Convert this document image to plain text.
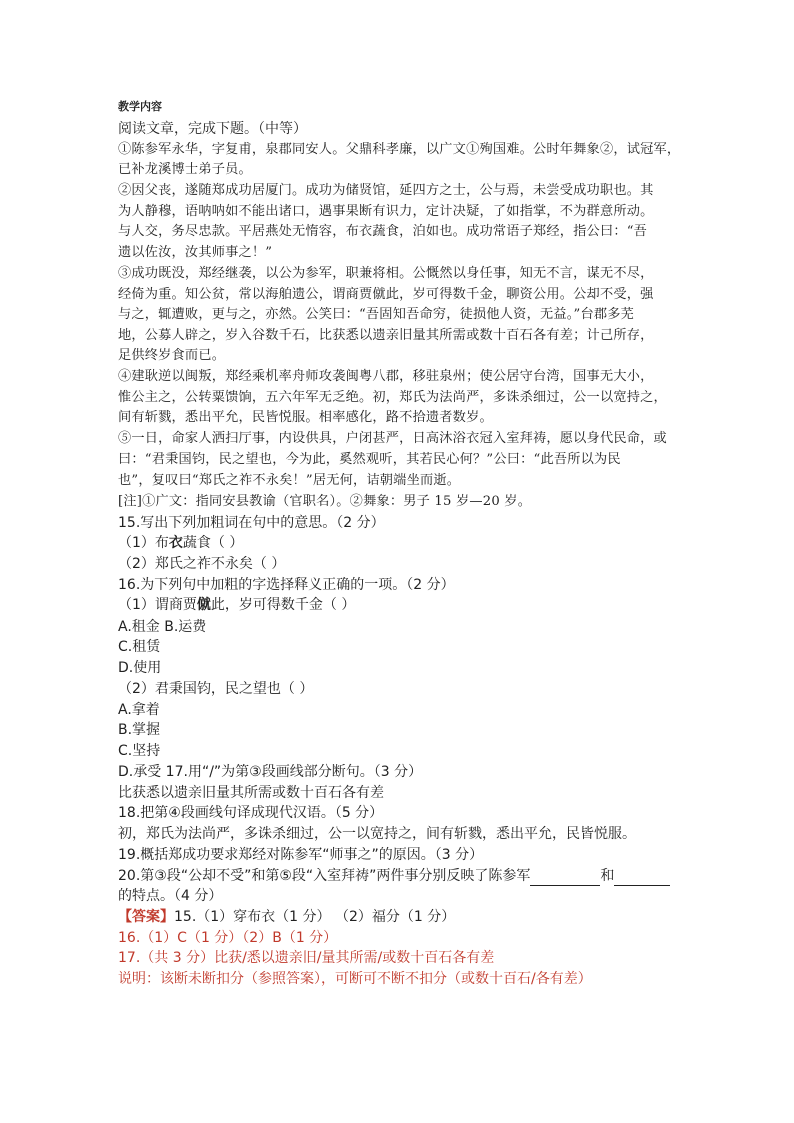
教学内容
阅读文章，完成下题。（中等）
①陈参军永华，字复甫，泉郡同安人。父鼎科孝廉，以广文①殉国难。公时年舞象②，试冠军，
已补龙溪博士弟子员。
②因父丧，遂随郑成功居厦门。成功为储贤馆，延四方之士，公与焉，未尝受成功职也。其
为人静穆，语呐呐如不能出诸口，遇事果断有识力，定计决疑，了如指掌，不为群意所动。
与人交，务尽忠款。平居燕处无惰容，布衣蔬食，泊如也。成功常语子郑经，指公曰：“吾
遗以佐汝，汝其师事之！”
③成功既没，郑经继袭，以公为参军，职兼将相。公慨然以身任事，知无不言，谋无不尽，
经倚为重。知公贫，常以海舶遗公，谓商贾僦此，岁可得数千金，聊资公用。公却不受，强
与之，辄遭败，更与之，亦然。公笑曰：“吾固知吾命穷，徒损他人资，无益。”台郡多芜
地，公募人辟之，岁入谷数千石，比获悉以遗亲旧量其所需或数十百石各有差；计己所存，
足供终岁食而已。
④建耿逆以闽叛，郑经乘机率舟师攻袭闽粤八郡，移驻泉州；使公居守台湾，国事无大小，
惟公主之，公转粟馈饷，五六年军无乏绝。初，郑氏为法尚严，多诛杀细过，公一以宽持之，
间有斩戮，悉出平允，民皆悦服。相率感化，路不拾遗者数岁。
⑤一日，命家人洒扫厅事，内设供具，户闭甚严，日高沐浴衣冠入室拜祷，愿以身代民命，或
曰：“君秉国钧，民之望也，今为此，奚然观听，其若民心何？”公曰：“此吾所以为民
也”，复叹曰“郑氏之祚不永矣！”居无何，诘朝端坐而逝。
[注]①广文：指同安县教谕（官职名）。②舞象：男子 15 岁—20 岁。
15.写出下列加粗词在句中的意思。（2 分）
（1）布衣蔬食（ ）
（2）郑氏之祚不永矣（ ）
16.为下列句中加粗的字选择释义正确的一项。（2 分）
（1）谓商贾僦此，岁可得数千金（ ）
A.租金 B.运费
C.租赁
D.使用
（2）君秉国钧，民之望也（ ）
A.拿着
B.掌握
C.坚持
D.承受 17.用“/”为第③段画线部分断句。（3 分）
比获悉以遗亲旧量其所需或数十百石各有差
18.把第④段画线句译成现代汉语。（5 分）
初，郑氏为法尚严，多诛杀细过，公一以宽持之，间有斩戮，悉出平允，民皆悦服。
19.概括郑成功要求郑经对陈参军“师事之”的原因。（3 分）
20.第③段“公却不受”和第⑤段“入室拜祷”两件事分别反映了陈参军	和
的特点。（4 分）
【答案】15.（1）穿布衣（1 分） （2）福分（1 分）
16.（1）C（1 分）（2）B（1 分）
17.（共 3 分）比获/悉以遗亲旧/量其所需/或数十百石各有差
说明：该断未断扣分（参照答案），可断可不断不扣分（或数十百石/各有差）
